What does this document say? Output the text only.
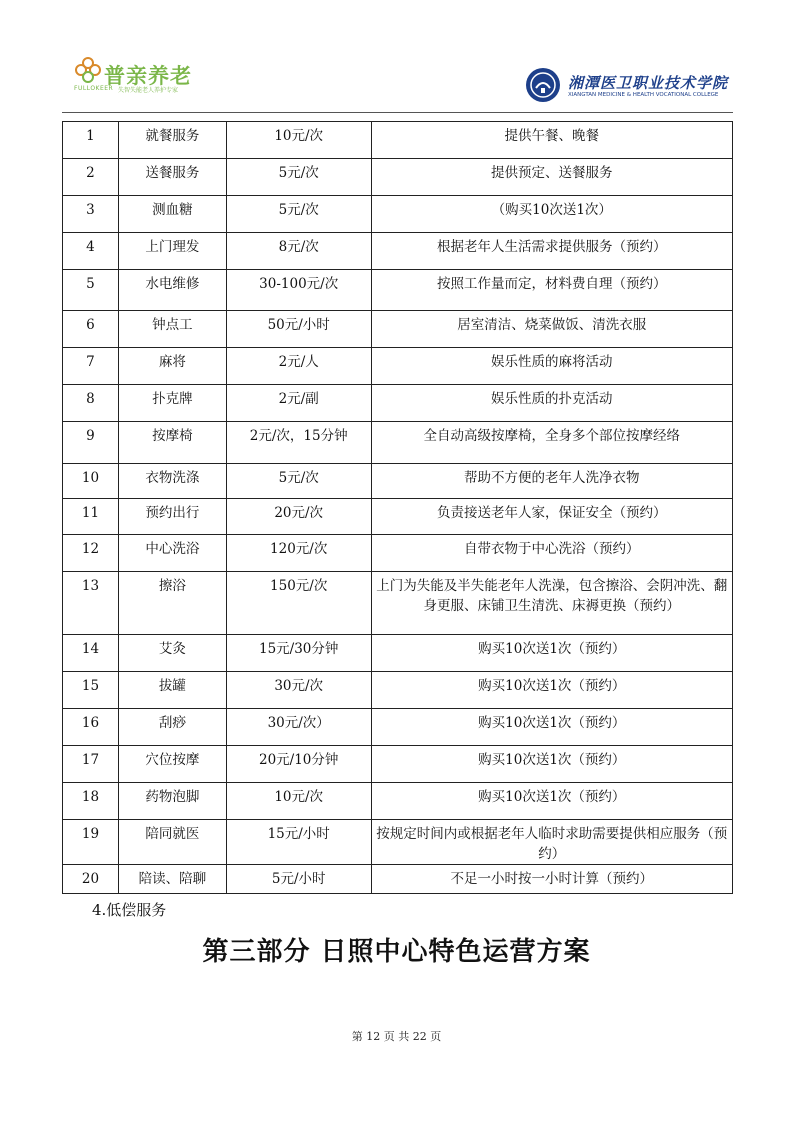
普亲养老
FULLOKEER 失智失能老人养护专家	湘潭医卫职业技术学院
XIANGTAN MEDICINE & HEALTH VOCATIONAL COLLEGE
1	就餐服务	10元/次	提供午餐、晚餐
2	送餐服务	5元/次	提供预定、送餐服务
3	测血糖	5元/次	（购买10次送1次）
4	上门理发	8元/次	根据老年人生活需求提供服务（预约）
5	水电维修	30-100元/次	按照工作量而定，材料费自理（预约）
6	钟点工	50元/小时	居室清洁、烧菜做饭、清洗衣服
7	麻将	2元/人	娱乐性质的麻将活动
8	扑克牌	2元/副	娱乐性质的扑克活动
9	按摩椅	2元/次，15分钟	全自动高级按摩椅，全身多个部位按摩经络
10	衣物洗涤	5元/次	帮助不方便的老年人洗净衣物
11	预约出行	20元/次	负责接送老年人家，保证安全（预约）
12	中心洗浴	120元/次	自带衣物于中心洗浴（预约）
13	擦浴	150元/次	上门为失能及半失能老年人洗澡，包含擦浴、会阴冲洗、翻身更服、床铺卫生清洗、床褥更换（预约）
14	艾灸	15元/30分钟	购买10次送1次（预约）
15	拔罐	30元/次	购买10次送1次（预约）
16	刮痧	30元/次）	购买10次送1次（预约）
17	穴位按摩	20元/10分钟	购买10次送1次（预约）
18	药物泡脚	10元/次	购买10次送1次（预约）
19	陪同就医	15元/小时	按规定时间内或根据老年人临时求助需要提供相应服务（预约）
20	陪读、陪聊	5元/小时	不足一小时按一小时计算（预约）
4.低偿服务
第三部分 日照中心特色运营方案
第 12 页 共 22 页
